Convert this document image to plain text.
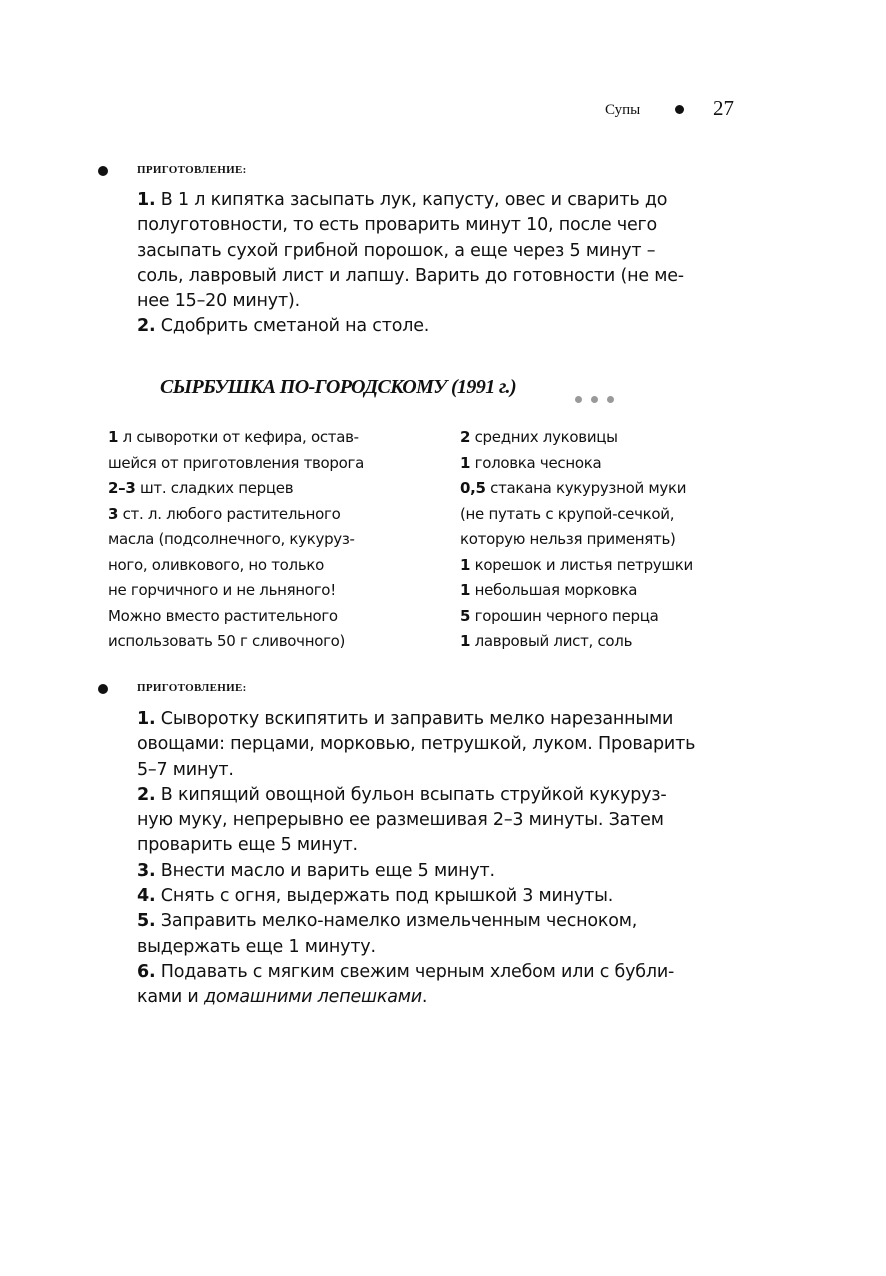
Супы	27
ПРИГОТОВЛЕНИЕ:
1. В 1 л кипятка засыпать лук, капусту, овес и сварить до
полуготовности, то есть проварить минут 10, после чего
засыпать сухой грибной порошок, а еще через 5 минут –
соль, лавровый лист и лапшу. Варить до готовности (не ме-
нее 15–20 минут).
2. Сдобрить сметаной на столе.
СЫРБУШКА ПО-ГОРОДСКОМУ (1991 г.)
1 л сыворотки от кефира, остав-
шейся от приготовления творога
2–3 шт. сладких перцев
3 ст. л. любого растительного
масла (подсолнечного, кукуруз-
ного, оливкового, но только
не горчичного и не льняного!
Можно вместо растительного
использовать 50 г сливочного)
2 средних луковицы
1 головка чеснока
0,5 стакана кукурузной муки
(не путать с крупой-сечкой,
которую нельзя применять)
1 корешок и листья петрушки
1 небольшая морковка
5 горошин черного перца
1 лавровый лист, соль
ПРИГОТОВЛЕНИЕ:
1. Сыворотку вскипятить и заправить мелко нарезанными
овощами: перцами, морковью, петрушкой, луком. Проварить
5–7 минут.
2. В кипящий овощной бульон всыпать струйкой кукуруз-
ную муку, непрерывно ее размешивая 2–3 минуты. Затем
проварить еще 5 минут.
3. Внести масло и варить еще 5 минут.
4. Снять с огня, выдержать под крышкой 3 минуты.
5. Заправить мелко-намелко измельченным чесноком,
выдержать еще 1 минуту.
6. Подавать с мягким свежим черным хлебом или с бубли-
ками и домашними лепешками.
